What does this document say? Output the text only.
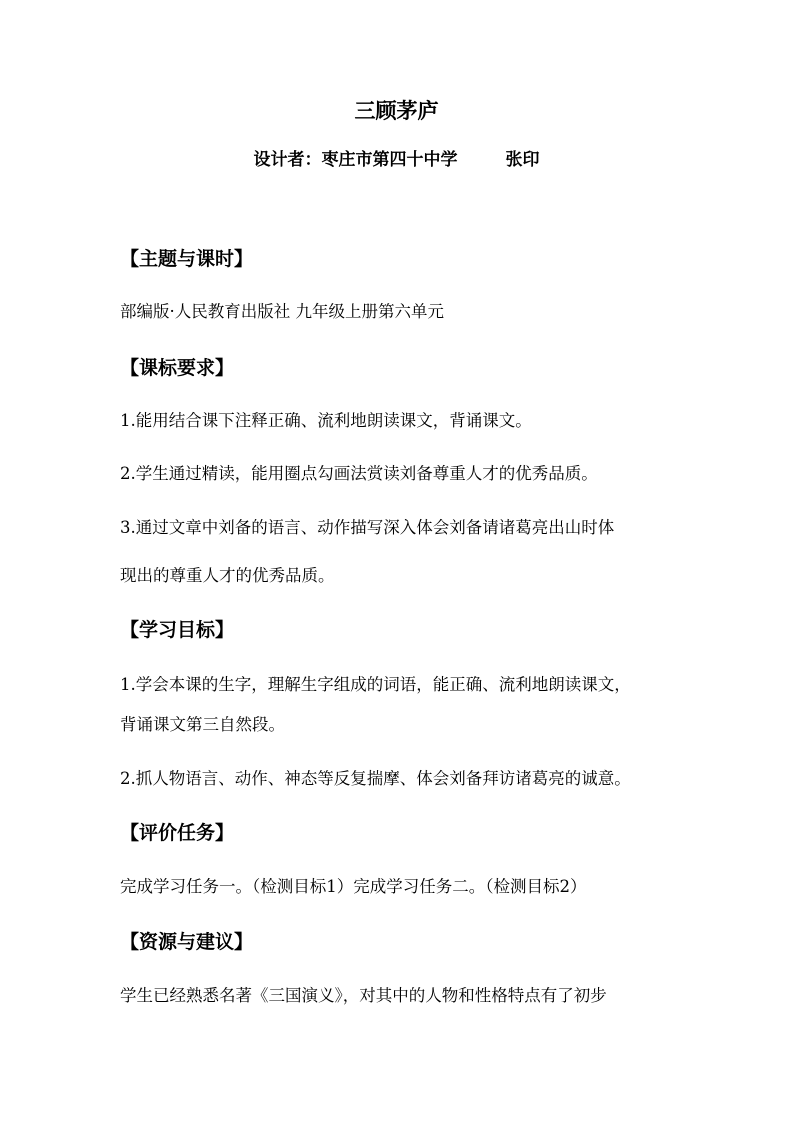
三顾茅庐
设计者：枣庄市第四十中学	张印
【主题与课时】
部编版·人民教育出版社 九年级上册第六单元
【课标要求】
1.能用结合课下注释正确、流利地朗读课文，背诵课文。
2.学生通过精读，能用圈点勾画法赏读刘备尊重人才的优秀品质。
3.通过文章中刘备的语言、动作描写深入体会刘备请诸葛亮出山时体
现出的尊重人才的优秀品质。
【学习目标】
1.学会本课的生字，理解生字组成的词语，能正确、流利地朗读课文，
背诵课文第三自然段。
2.抓人物语言、动作、神态等反复揣摩、体会刘备拜访诸葛亮的诚意。
【评价任务】
完成学习任务一。（检测目标1）完成学习任务二。（检测目标2）
【资源与建议】
学生已经熟悉名著《三国演义》，对其中的人物和性格特点有了初步
